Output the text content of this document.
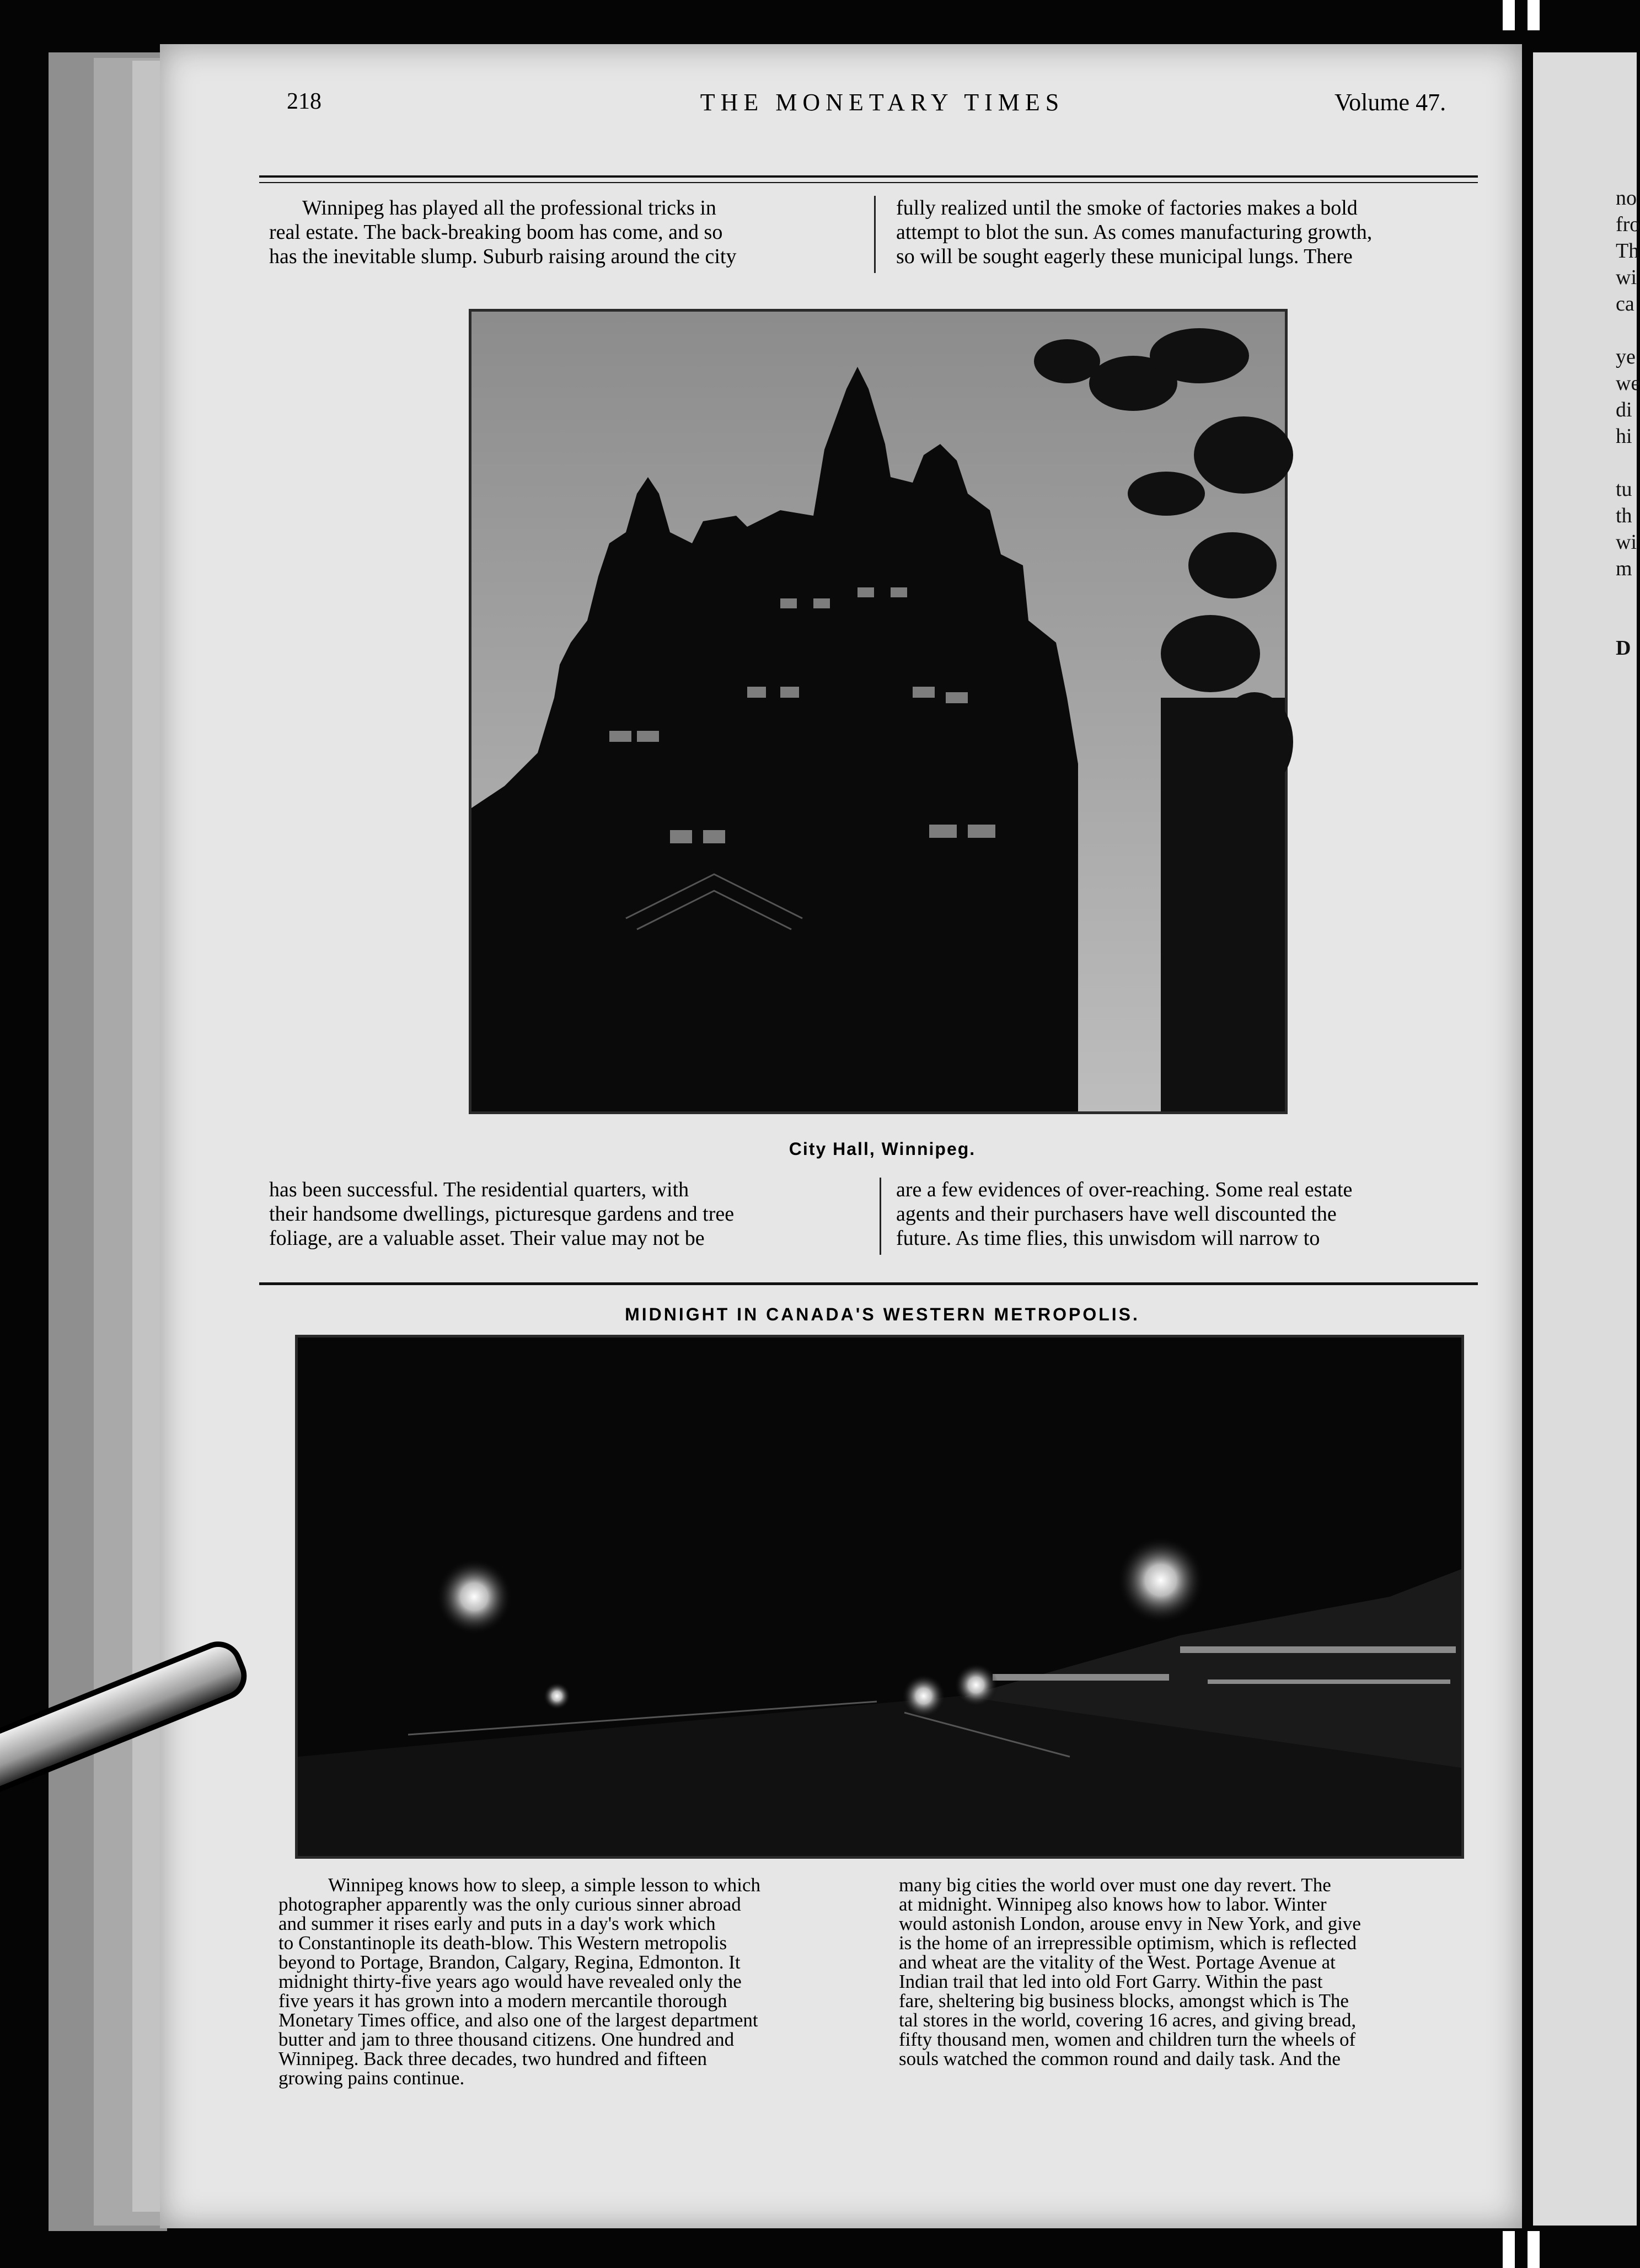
218	THE MONETARY TIMES	Volume 47.
Winnipeg has played all the professional tricks in
real estate. The back-breaking boom has come, and so
has the inevitable slump. Suburb raising around the city
fully realized until the smoke of factories makes a bold
attempt to blot the sun. As comes manufacturing growth,
so will be sought eagerly these municipal lungs. There
City Hall, Winnipeg.
has been successful. The residential quarters, with
their handsome dwellings, picturesque gardens and tree
foliage, are a valuable asset. Their value may not be
are a few evidences of over-reaching. Some real estate
agents and their purchasers have well discounted the
future. As time flies, this unwisdom will narrow to
MIDNIGHT IN CANADA'S WESTERN METROPOLIS.
Winnipeg knows how to sleep, a simple lesson to which
photographer apparently was the only curious sinner abroad
and summer it rises early and puts in a day's work which
to Constantinople its death-blow. This Western metropolis
beyond to Portage, Brandon, Calgary, Regina, Edmonton. It
midnight thirty-five years ago would have revealed only the
five years it has grown into a modern mercantile thorough
Monetary Times office, and also one of the largest department
butter and jam to three thousand citizens. One hundred and
Winnipeg. Back three decades, two hundred and fifteen
growing pains continue.
many big cities the world over must one day revert. The
at midnight. Winnipeg also knows how to labor. Winter
would astonish London, arouse envy in New York, and give
is the home of an irrepressible optimism, which is reflected
and wheat are the vitality of the West. Portage Avenue at
Indian trail that led into old Fort Garry. Within the past
fare, sheltering big business blocks, amongst which is The
tal stores in the world, covering 16 acres, and giving bread,
fifty thousand men, women and children turn the wheels of
souls watched the common round and daily task. And the
no
fro
Th
wi
ca

ye
we
di
hi

tu
th
wi
m

D
